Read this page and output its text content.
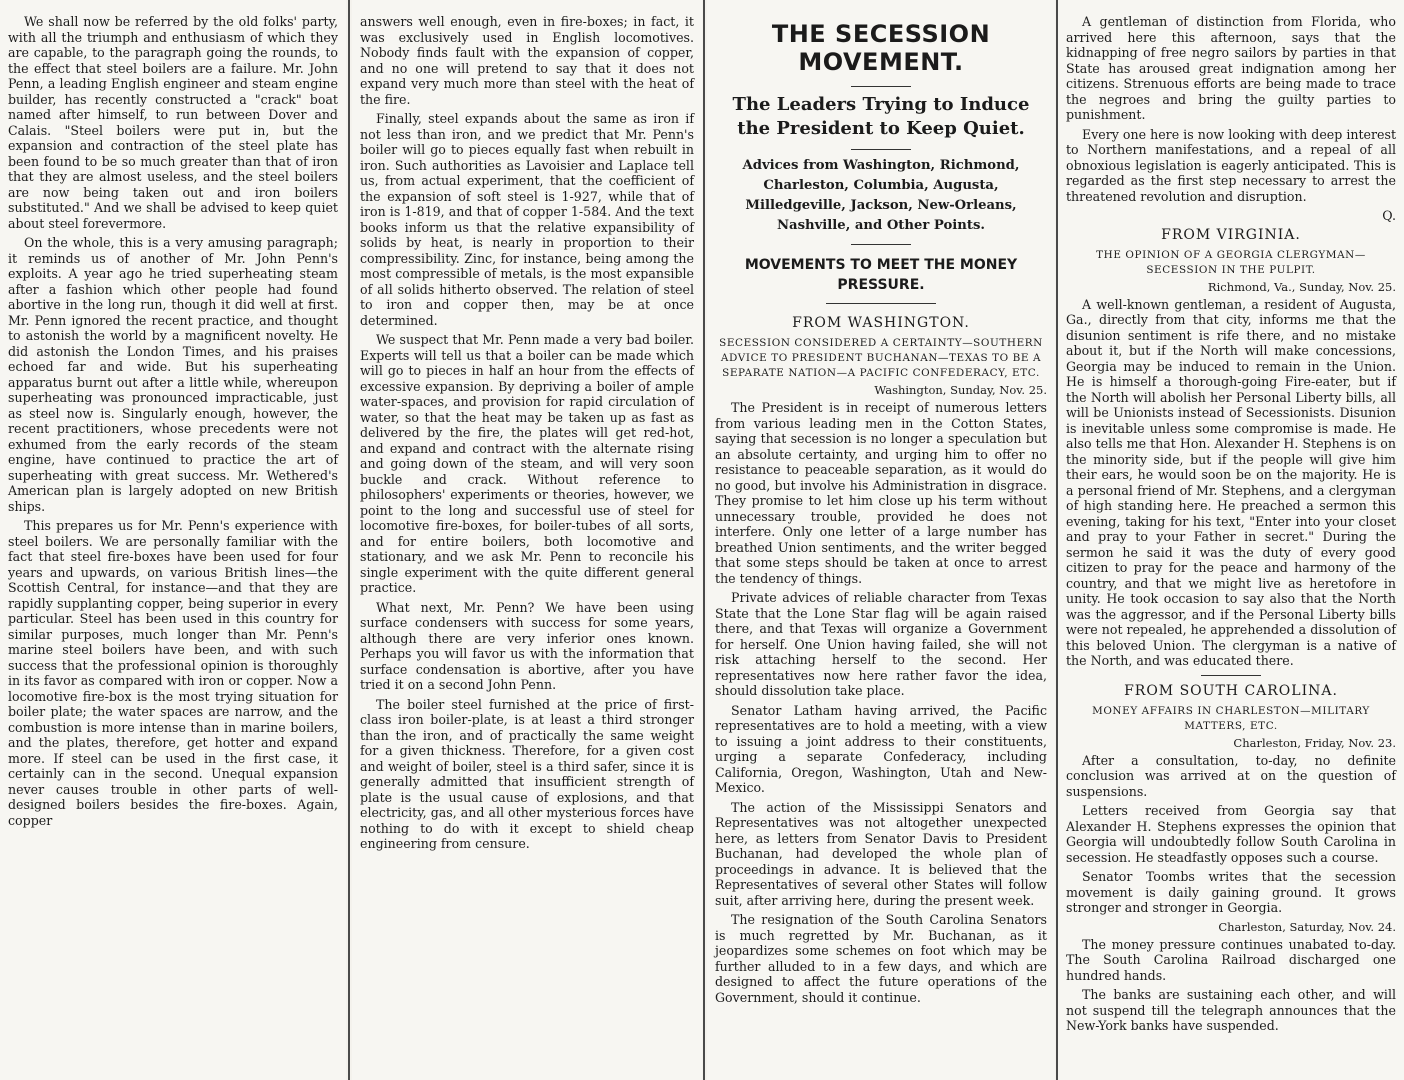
We shall now be referred by the old folks' party, with all the triumph and enthusiasm of which they are capable, to the paragraph going the rounds, to the effect that steel boilers are a failure. Mr. John Penn, a leading English engineer and steam engine builder, has recently constructed a "crack" boat named after himself, to run between Dover and Calais. "Steel boilers were put in, but the expansion and contraction of the steel plate has been found to be so much greater than that of iron that they are almost useless, and the steel boilers are now being taken out and iron boilers substituted." And we shall be advised to keep quiet about steel forevermore.

On the whole, this is a very amusing paragraph; it reminds us of another of Mr. John Penn's exploits. A year ago he tried superheating steam after a fashion which other people had found abortive in the long run, though it did well at first. Mr. Penn ignored the recent practice, and thought to astonish the world by a magnificent novelty. He did astonish the London Times, and his praises echoed far and wide. But his superheating apparatus burnt out after a little while, whereupon superheating was pronounced impracticable, just as steel now is. Singularly enough, however, the recent practitioners, whose precedents were not exhumed from the early records of the steam engine, have continued to practice the art of superheating with great success. Mr. Wethered's American plan is largely adopted on new British ships.

This prepares us for Mr. Penn's experience with steel boilers. We are personally familiar with the fact that steel fire-boxes have been used for four years and upwards, on various British lines—the Scottish Central, for instance—and that they are rapidly supplanting copper, being superior in every particular. Steel has been used in this country for similar purposes, much longer than Mr. Penn's marine steel boilers have been, and with such success that the professional opinion is thoroughly in its favor as compared with iron or copper. Now a locomotive fire-box is the most trying situation for boiler plate; the water spaces are narrow, and the combustion is more intense than in marine boilers, and the plates, therefore, get hotter and expand more. If steel can be used in the first case, it certainly can in the second. Unequal expansion never causes trouble in other parts of well-designed boilers besides the fire-boxes. Again, copper

answers well enough, even in fire-boxes; in fact, it was exclusively used in English locomotives. Nobody finds fault with the expansion of copper, and no one will pretend to say that it does not expand very much more than steel with the heat of the fire.

Finally, steel expands about the same as iron if not less than iron, and we predict that Mr. Penn's boiler will go to pieces equally fast when rebuilt in iron. Such authorities as Lavoisier and Laplace tell us, from actual experiment, that the coefficient of the expansion of soft steel is 1-927, while that of iron is 1-819, and that of copper 1-584. And the text books inform us that the relative expansibility of solids by heat, is nearly in proportion to their compressibility. Zinc, for instance, being among the most compressible of metals, is the most expansible of all solids hitherto observed. The relation of steel to iron and copper then, may be at once determined.

We suspect that Mr. Penn made a very bad boiler. Experts will tell us that a boiler can be made which will go to pieces in half an hour from the effects of excessive expansion. By depriving a boiler of ample water-spaces, and provision for rapid circulation of water, so that the heat may be taken up as fast as delivered by the fire, the plates will get red-hot, and expand and contract with the alternate rising and going down of the steam, and will very soon buckle and crack. Without reference to philosophers' experiments or theories, however, we point to the long and successful use of steel for locomotive fire-boxes, for boiler-tubes of all sorts, and for entire boilers, both locomotive and stationary, and we ask Mr. Penn to reconcile his single experiment with the quite different general practice.

What next, Mr. Penn? We have been using surface condensers with success for some years, although there are very inferior ones known. Perhaps you will favor us with the information that surface condensation is abortive, after you have tried it on a second John Penn.

The boiler steel furnished at the price of first-class iron boiler-plate, is at least a third stronger than the iron, and of practically the same weight for a given thickness. Therefore, for a given cost and weight of boiler, steel is a third safer, since it is generally admitted that insufficient strength of plate is the usual cause of explosions, and that electricity, gas, and all other mysterious forces have nothing to do with it except to shield cheap engineering from censure.

THE SECESSION MOVEMENT.
The Leaders Trying to Induce the President to Keep Quiet.
Advices from Washington, Richmond, Charleston, Columbia, Augusta, Milledgeville, Jackson, New-Orleans, Nashville, and Other Points.
MOVEMENTS TO MEET THE MONEY PRESSURE.
FROM WASHINGTON.
SECESSION CONSIDERED A CERTAINTY—SOUTHERN ADVICE TO PRESIDENT BUCHANAN—TEXAS TO BE A SEPARATE NATION—A PACIFIC CONFEDERACY, ETC.
Washington, Sunday, Nov. 25.

The President is in receipt of numerous letters from various leading men in the Cotton States, saying that secession is no longer a speculation but an absolute certainty, and urging him to offer no resistance to peaceable separation, as it would do no good, but involve his Administration in disgrace. They promise to let him close up his term without unnecessary trouble, provided he does not interfere. Only one letter of a large number has breathed Union sentiments, and the writer begged that some steps should be taken at once to arrest the tendency of things.

Private advices of reliable character from Texas State that the Lone Star flag will be again raised there, and that Texas will organize a Government for herself. One Union having failed, she will not risk attaching herself to the second. Her representatives now here rather favor the idea, should dissolution take place.

Senator Latham having arrived, the Pacific representatives are to hold a meeting, with a view to issuing a joint address to their constituents, urging a separate Confederacy, including California, Oregon, Washington, Utah and New-Mexico.

The action of the Mississippi Senators and Representatives was not altogether unexpected here, as letters from Senator Davis to President Buchanan, had developed the whole plan of proceedings in advance. It is believed that the Representatives of several other States will follow suit, after arriving here, during the present week.

The resignation of the South Carolina Senators is much regretted by Mr. Buchanan, as it jeopardizes some schemes on foot which may be further alluded to in a few days, and which are designed to affect the future operations of the Government, should it continue.

A gentleman of distinction from Florida, who arrived here this afternoon, says that the kidnapping of free negro sailors by parties in that State has aroused great indignation among her citizens. Strenuous efforts are being made to trace the negroes and bring the guilty parties to punishment.

Every one here is now looking with deep interest to Northern manifestations, and a repeal of all obnoxious legislation is eagerly anticipated. This is regarded as the first step necessary to arrest the threatened revolution and disruption.

Q.
FROM VIRGINIA.
THE OPINION OF A GEORGIA CLERGYMAN—SECESSION IN THE PULPIT.
Richmond, Va., Sunday, Nov. 25.

A well-known gentleman, a resident of Augusta, Ga., directly from that city, informs me that the disunion sentiment is rife there, and no mistake about it, but if the North will make concessions, Georgia may be induced to remain in the Union. He is himself a thorough-going Fire-eater, but if the North will abolish her Personal Liberty bills, all will be Unionists instead of Secessionists. Disunion is inevitable unless some compromise is made. He also tells me that Hon. Alexander H. Stephens is on the minority side, but if the people will give him their ears, he would soon be on the majority. He is a personal friend of Mr. Stephens, and a clergyman of high standing here. He preached a sermon this evening, taking for his text, "Enter into your closet and pray to your Father in secret." During the sermon he said it was the duty of every good citizen to pray for the peace and harmony of the country, and that we might live as heretofore in unity. He took occasion to say also that the North was the aggressor, and if the Personal Liberty bills were not repealed, he apprehended a dissolution of this beloved Union. The clergyman is a native of the North, and was educated there.

FROM SOUTH CAROLINA.
MONEY AFFAIRS IN CHARLESTON—MILITARY MATTERS, ETC.
Charleston, Friday, Nov. 23.

After a consultation, to-day, no definite conclusion was arrived at on the question of suspensions.

Letters received from Georgia say that Alexander H. Stephens expresses the opinion that Georgia will undoubtedly follow South Carolina in secession. He steadfastly opposes such a course.

Senator Toombs writes that the secession movement is daily gaining ground. It grows stronger and stronger in Georgia.

Charleston, Saturday, Nov. 24.

The money pressure continues unabated to-day. The South Carolina Railroad discharged one hundred hands.

The banks are sustaining each other, and will not suspend till the telegraph announces that the New-York banks have suspended.
